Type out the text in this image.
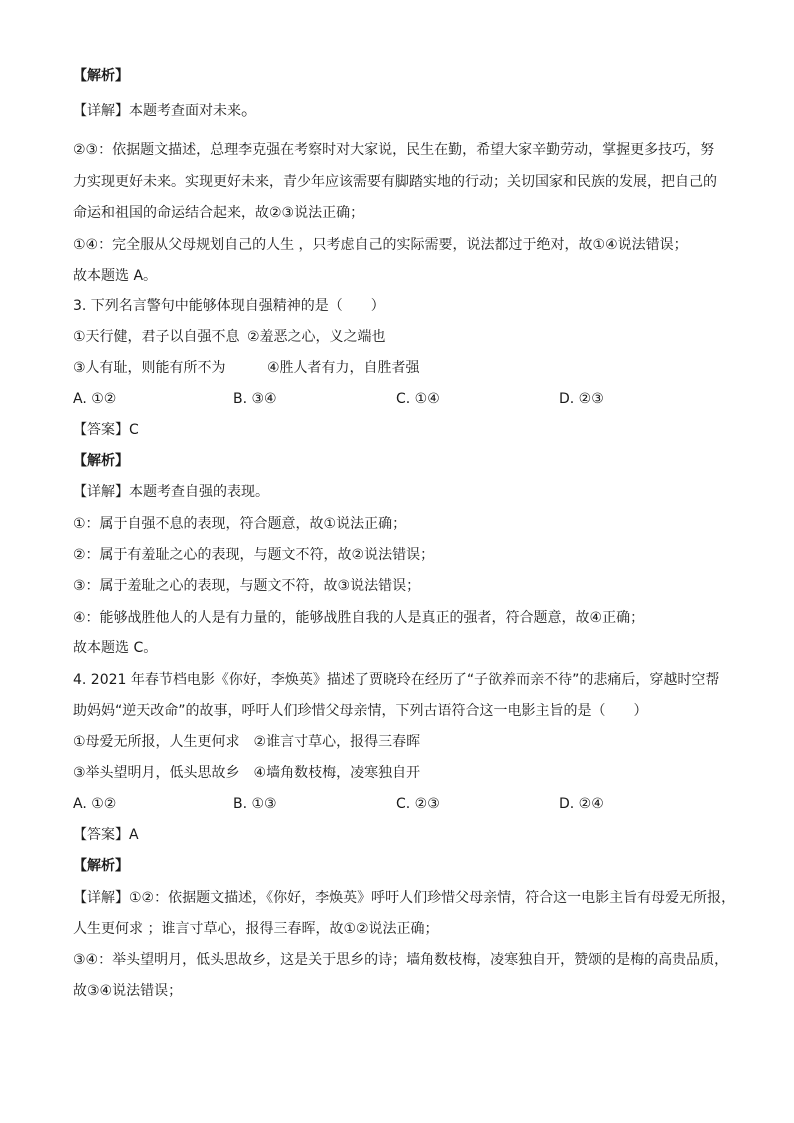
【解析】
【详解】本题考查面对未来。
②③：依据题文描述，总理李克强在考察时对大家说，民生在勤，希望大家辛勤劳动，掌握更多技巧，努
力实现更好未来。实现更好未来，青少年应该需要有脚踏实地的行动；关切国家和民族的发展，把自己的
命运和祖国的命运结合起来，故②③说法正确；
①④：完全服从父母规划自己的人生 ，只考虑自己的实际需要，说法都过于绝对，故①④说法错误；
故本题选 A。
3. 下列名言警句中能够体现自强精神的是（　　）
①天行健，君子以自强不息 ②羞恶之心，义之端也
③人有耻，则能有所不为	④胜人者有力，自胜者强
A. ①②	B. ③④	C. ①④	D. ②③
【答案】C
【解析】
【详解】本题考查自强的表现。
①：属于自强不息的表现，符合题意，故①说法正确；
②：属于有羞耻之心的表现，与题文不符，故②说法错误；
③：属于羞耻之心的表现，与题文不符，故③说法错误；
④：能够战胜他人的人是有力量的，能够战胜自我的人是真正的强者，符合题意，故④正确；
故本题选 C。
4. 2021 年春节档电影《你好，李焕英》描述了贾晓玲在经历了“子欲养而亲不待”的悲痛后，穿越时空帮
助妈妈“逆天改命”的故事，呼吁人们珍惜父母亲情，下列古语符合这一电影主旨的是（　　）
①母爱无所报，人生更何求　②谁言寸草心，报得三春晖
③举头望明月，低头思故乡　④墙角数枝梅，凌寒独自开
A. ①②	B. ①③	C. ②③	D. ②④
【答案】A
【解析】
【详解】①②：依据题文描述，《你好，李焕英》呼吁人们珍惜父母亲情，符合这一电影主旨有母爱无所报，
人生更何求 ；谁言寸草心，报得三春晖，故①②说法正确；
③④：举头望明月，低头思故乡，这是关于思乡的诗；墙角数枝梅，凌寒独自开，赞颂的是梅的高贵品质，
故③④说法错误；
